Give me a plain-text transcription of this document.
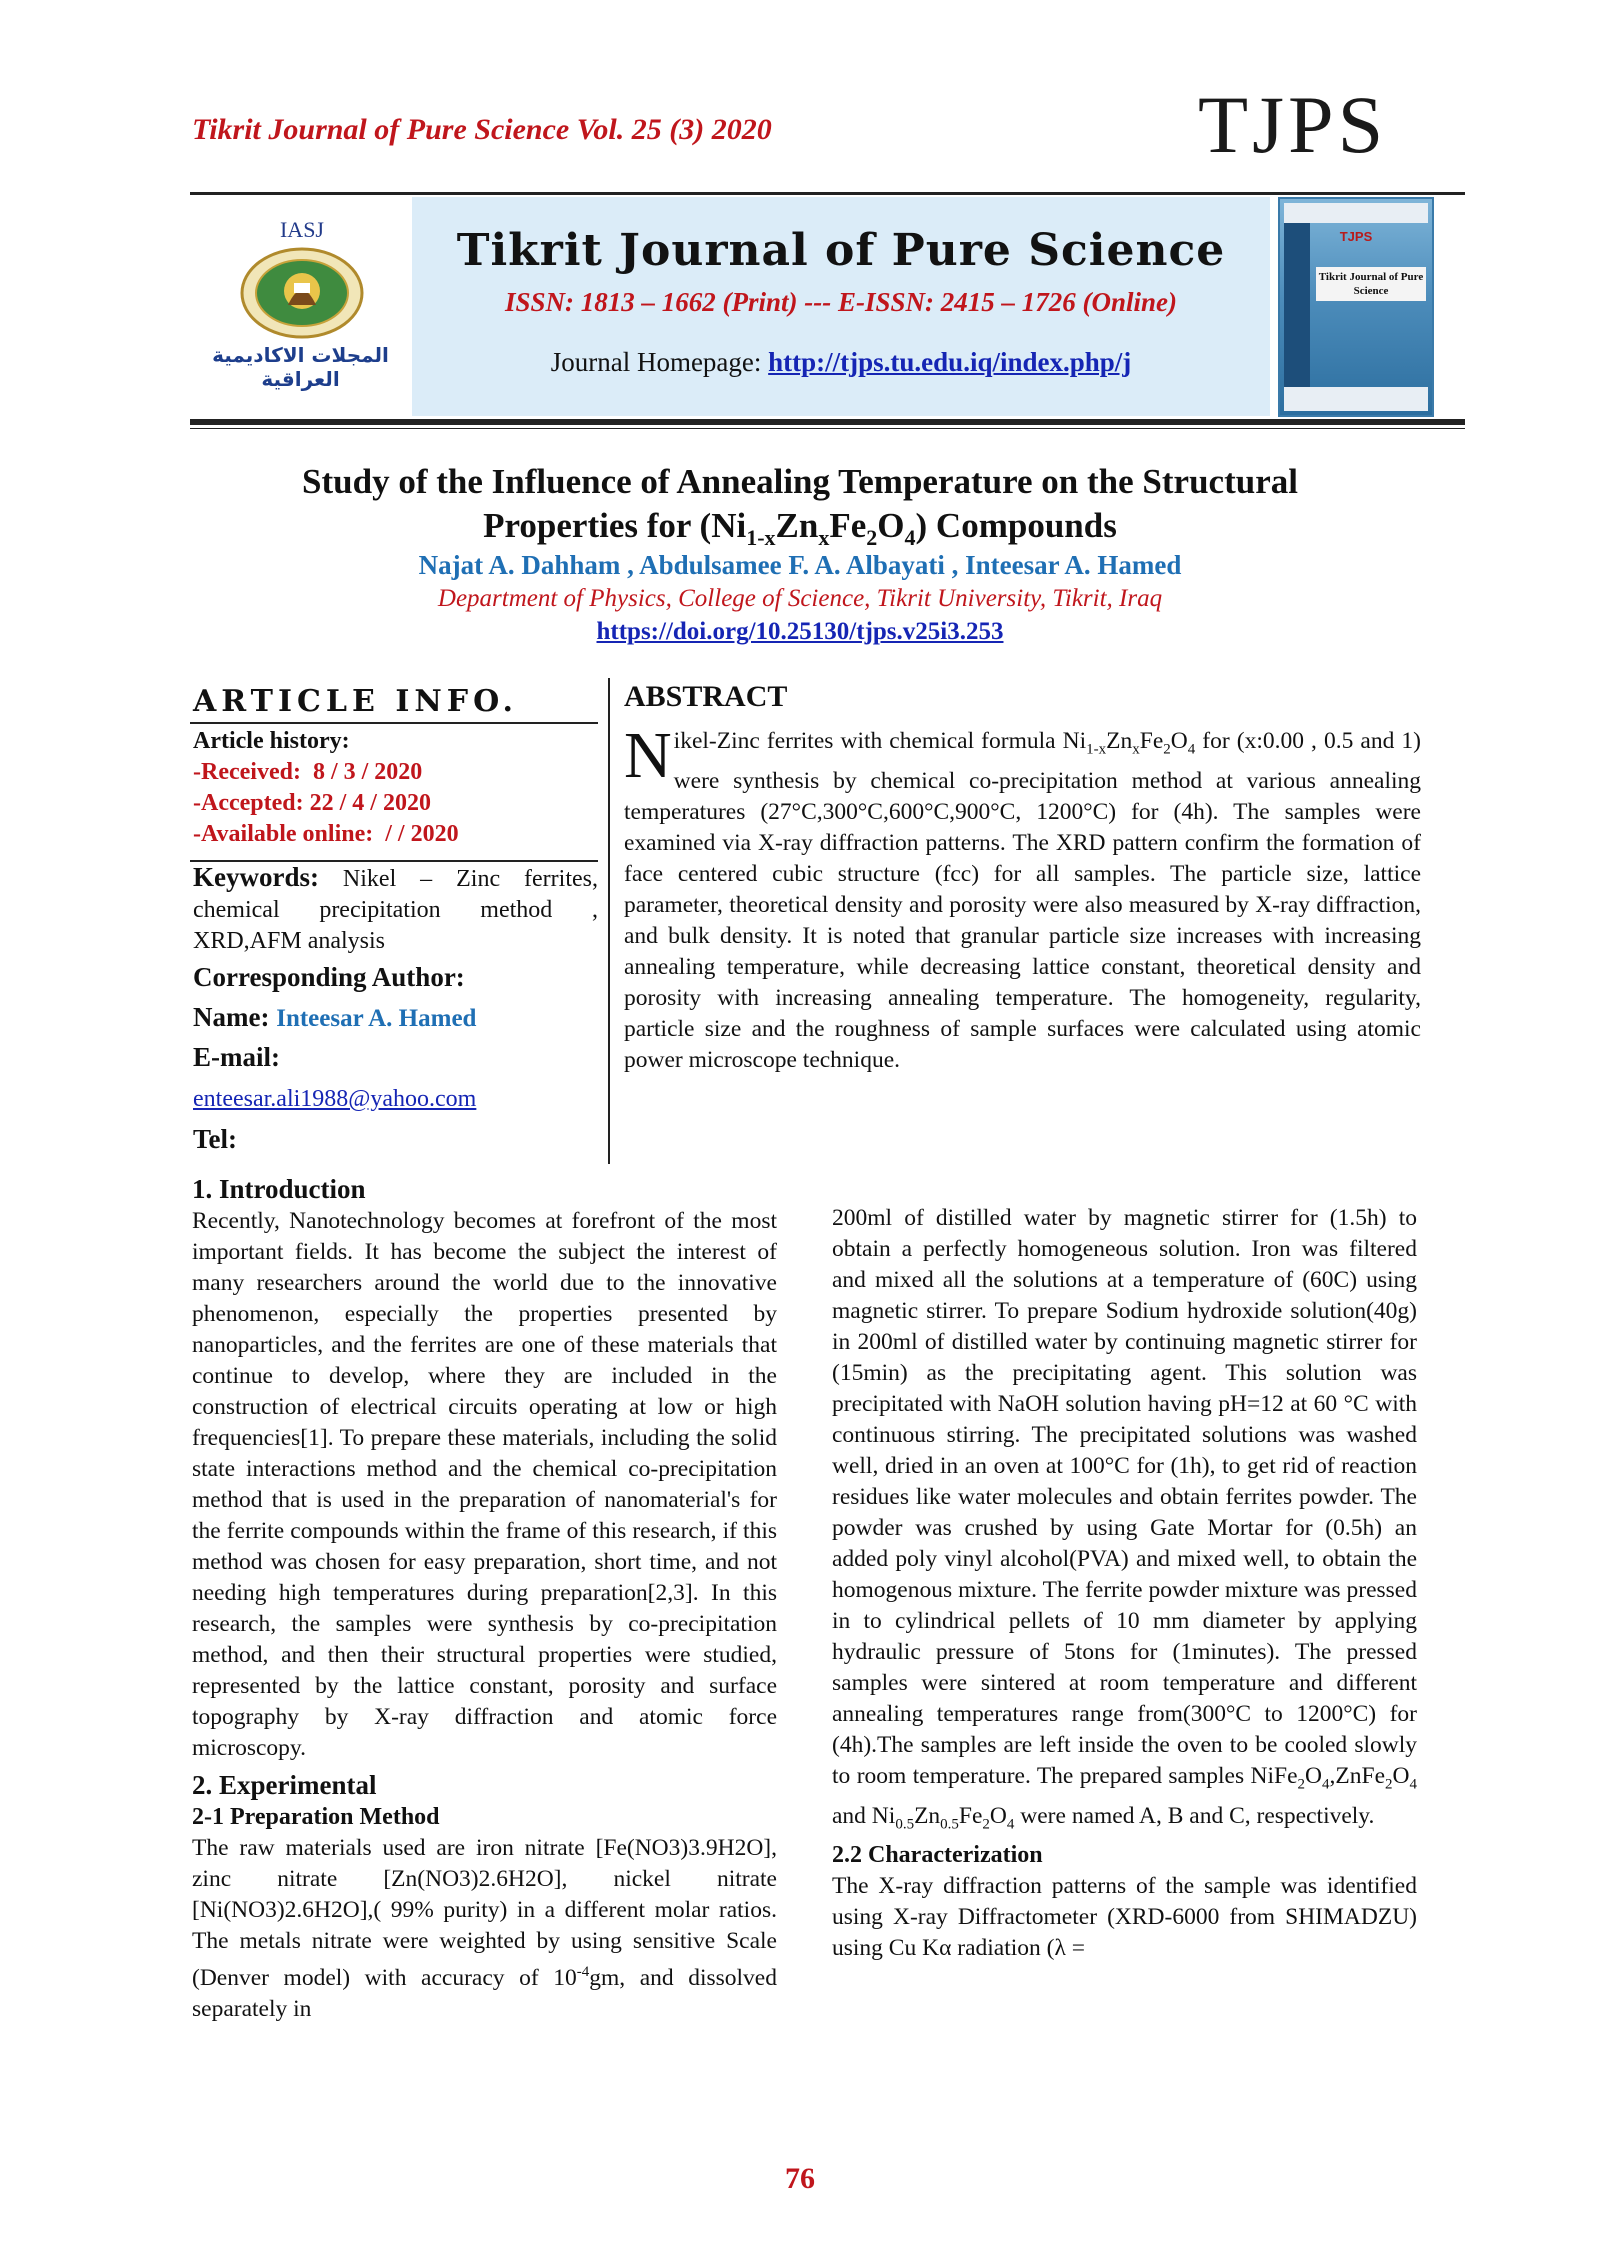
Tikrit Journal of Pure Science Vol. 25 (3) 2020	TJPS
IASJ
المجلات الاكاديمية العراقية
Tikrit Journal of Pure Science
ISSN: 1813 – 1662 (Print) --- E-ISSN: 2415 – 1726 (Online)
Journal Homepage: http://tjps.tu.edu.iq/index.php/j
TJPS
Tikrit Journal of Pure Science
Study of the Influence of Annealing Temperature on the Structural
Properties for $(Ni_{1-x}Zn_xFe_2O_4)$ Compounds
Najat A. Dahham , Abdulsamee F. A. Albayati , Inteesar A. Hamed
Department of Physics, College of Science, Tikrit University, Tikrit, Iraq
https://doi.org/10.25130/tjps.v25i3.253
ARTICLE INFO.
Article history:
-Received: 8 / 3 / 2020
-Accepted: 22 / 4 / 2020
-Available online: / / 2020
Keywords: Nikel – Zinc ferrites, chemical precipitation method , XRD,AFM analysis
Corresponding Author:
Name: Inteesar A. Hamed
E-mail:
enteesar.ali1988@yahoo.com
Tel:
ABSTRACT
Nikel-Zinc ferrites with chemical formula $Ni_{1-x}Zn_xFe_2O_4$ for (x:0.00 , 0.5 and 1) were synthesis by chemical co-precipitation method at various annealing temperatures (27°C,300°C,600°C,900°C, 1200°C) for (4h). The samples were examined via X-ray diffraction patterns. The XRD pattern confirm the formation of face centered cubic structure (fcc) for all samples. The particle size, lattice parameter, theoretical density and porosity were also measured by X-ray diffraction, and bulk density. It is noted that granular particle size increases with increasing annealing temperature, while decreasing lattice constant, theoretical density and porosity with increasing annealing temperature. The homogeneity, regularity, particle size and the roughness of sample surfaces were calculated using atomic power microscope technique.
1. Introduction

Recently, Nanotechnology becomes at forefront of the most important fields. It has become the subject the interest of many researchers around the world due to the innovative phenomenon, especially the properties presented by nanoparticles, and the ferrites are one of these materials that continue to develop, where they are included in the construction of electrical circuits operating at low or high frequencies[1]. To prepare these materials, including the solid state interactions method and the chemical co-precipitation method that is used in the preparation of nanomaterial's for the ferrite compounds within the frame of this research, if this method was chosen for easy preparation, short time, and not needing high temperatures during preparation[2,3]. In this research, the samples were synthesis by co-precipitation method, and then their structural properties were studied, represented by the lattice constant, porosity and surface topography by X-ray diffraction and atomic force microscopy.

2. Experimental
2-1 Preparation Method

The raw materials used are iron nitrate [Fe(NO3)3.9H2O], zinc nitrate [Zn(NO3)2.6H2O], nickel nitrate [Ni(NO3)2.6H2O],( 99% purity) in a different molar ratios. The metals nitrate were weighted by using sensitive Scale (Denver model) with accuracy of $10^{-4}gm$, and dissolved separately in

200ml of distilled water by magnetic stirrer for (1.5h) to obtain a perfectly homogeneous solution. Iron was filtered and mixed all the solutions at a temperature of (60C) using magnetic stirrer. To prepare Sodium hydroxide solution(40g) in 200ml of distilled water by continuing magnetic stirrer for (15min) as the precipitating agent. This solution was precipitated with NaOH solution having pH=12 at 60 °C with continuous stirring. The precipitated solutions was washed well, dried in an oven at 100°C for (1h), to get rid of reaction residues like water molecules and obtain ferrites powder. The powder was crushed by using Gate Mortar for (0.5h) an added poly vinyl alcohol(PVA) and mixed well, to obtain the homogenous mixture. The ferrite powder mixture was pressed in to cylindrical pellets of 10 mm diameter by applying hydraulic pressure of 5tons for (1minutes). The pressed samples were sintered at room temperature and different annealing temperatures range from(300°C to 1200°C) for (4h).The samples are left inside the oven to be cooled slowly to room temperature. The prepared samples $NiFe_2O_4,ZnFe_2O_4$ and $Ni_{0.5}Zn_{0.5}Fe_2O_4$ were named A, B and C, respectively.

2.2 Characterization

The X-ray diffraction patterns of the sample was identified using X-ray Diffractometer (XRD-6000 from SHIMADZU) using Cu Kα radiation (λ =

76
